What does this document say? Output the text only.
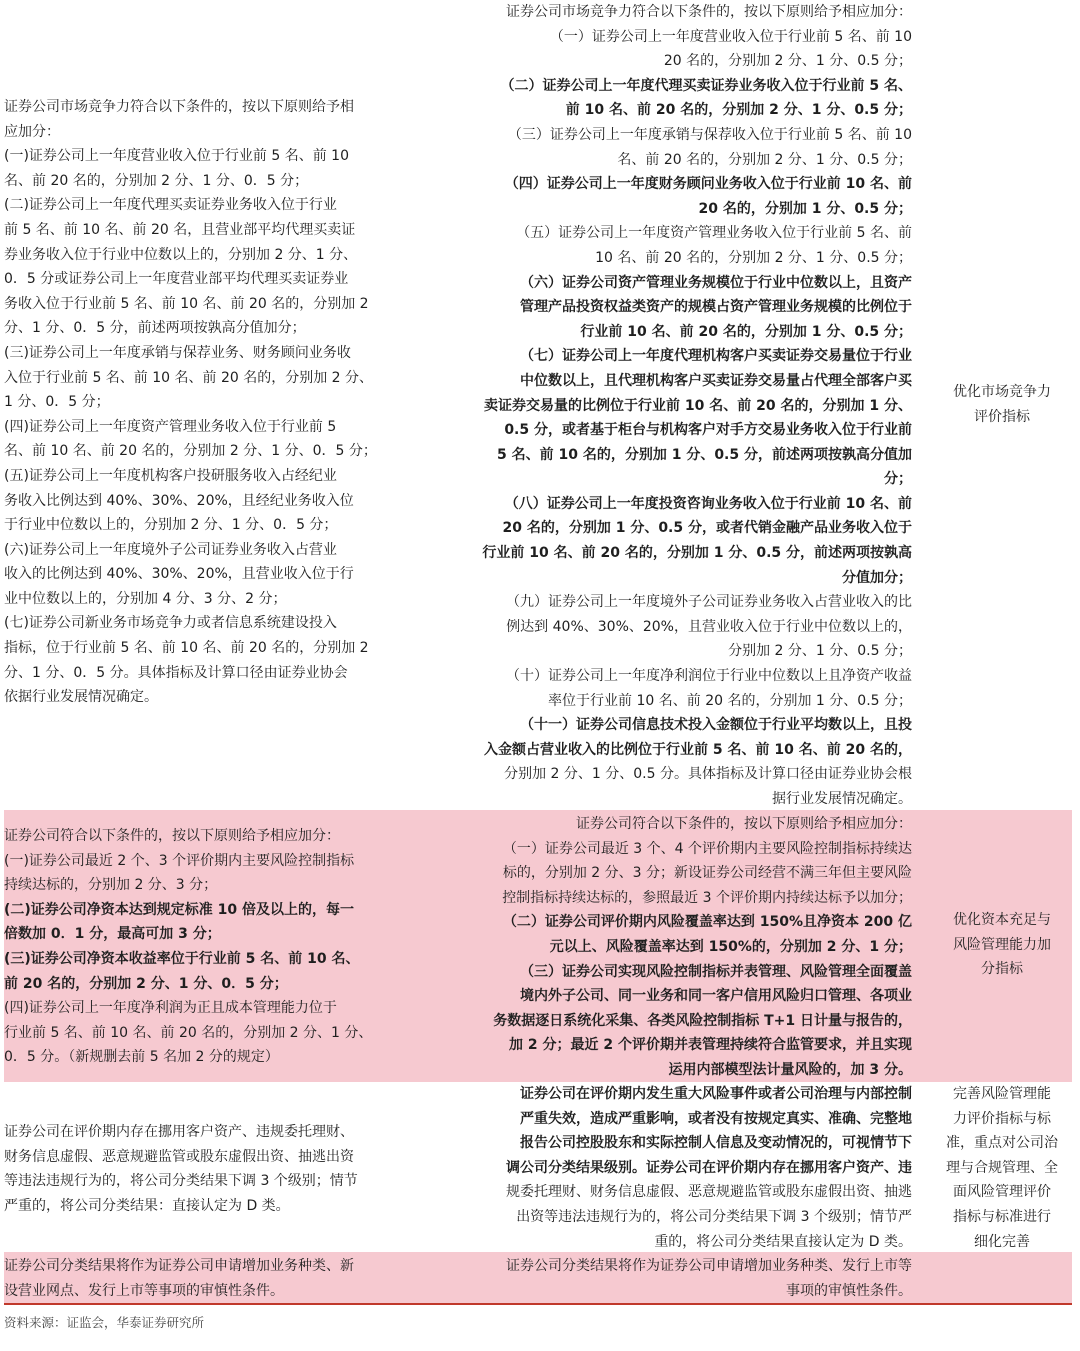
证券公司市场竞争力符合以下条件的，按以下原则给予相
应加分：
(一)证券公司上一年度营业收入位于行业前 5 名、前 10
名、前 20 名的，分别加 2 分、1 分、0．5 分；
(二)证券公司上一年度代理买卖证券业务收入位于行业
前 5 名、前 10 名、前 20 名，且营业部平均代理买卖证
券业务收入位于行业中位数以上的，分别加 2 分、1 分、
0．5 分或证券公司上一年度营业部平均代理买卖证券业
务收入位于行业前 5 名、前 10 名、前 20 名的，分别加 2
分、1 分、0．5 分，前述两项按孰高分值加分；
(三)证券公司上一年度承销与保荐业务、财务顾问业务收
入位于行业前 5 名、前 10 名、前 20 名的，分别加 2 分、
1 分、0．5 分；
(四)证券公司上一年度资产管理业务收入位于行业前 5
名、前 10 名、前 20 名的，分别加 2 分、1 分、0．5 分；
(五)证券公司上一年度机构客户投研服务收入占经纪业
务收入比例达到 40%、30%、20%，且经纪业务收入位
于行业中位数以上的，分别加 2 分、1 分、0．5 分；
(六)证券公司上一年度境外子公司证券业务收入占营业
收入的比例达到 40%、30%、20%，且营业收入位于行
业中位数以上的，分别加 4 分、3 分、2 分；
(七)证券公司新业务市场竞争力或者信息系统建设投入
指标，位于行业前 5 名、前 10 名、前 20 名的，分别加 2
分、1 分、0．5 分。具体指标及计算口径由证券业协会
依据行业发展情况确定。
证券公司市场竞争力符合以下条件的，按以下原则给予相应加分：
（一）证券公司上一年度营业收入位于行业前 5 名、前 10
20 名的，分别加 2 分、1 分、0.5 分；
（二）证券公司上一年度代理买卖证券业务收入位于行业前 5 名、
前 10 名、前 20 名的，分别加 2 分、1 分、0.5 分；
（三）证券公司上一年度承销与保荐收入位于行业前 5 名、前 10
名、前 20 名的，分别加 2 分、1 分、0.5 分；
（四）证券公司上一年度财务顾问业务收入位于行业前 10 名、前
20 名的，分别加 1 分、0.5 分；
（五）证券公司上一年度资产管理业务收入位于行业前 5 名、前
10 名、前 20 名的，分别加 2 分、1 分、0.5 分；
（六）证券公司资产管理业务规模位于行业中位数以上，且资产
管理产品投资权益类资产的规模占资产管理业务规模的比例位于
行业前 10 名、前 20 名的，分别加 1 分、0.5 分；
（七）证券公司上一年度代理机构客户买卖证券交易量位于行业
中位数以上，且代理机构客户买卖证券交易量占代理全部客户买
卖证券交易量的比例位于行业前 10 名、前 20 名的，分别加 1 分、
0.5 分，或者基于柜台与机构客户对手方交易业务收入位于行业前
5 名、前 10 名的，分别加 1 分、0.5 分，前述两项按孰高分值加
分；
（八）证券公司上一年度投资咨询业务收入位于行业前 10 名、前
20 名的，分别加 1 分、0.5 分，或者代销金融产品业务收入位于
行业前 10 名、前 20 名的，分别加 1 分、0.5 分，前述两项按孰高
分值加分；
（九）证券公司上一年度境外子公司证券业务收入占营业收入的比
例达到 40%、30%、20%，且营业收入位于行业中位数以上的，
分别加 2 分、1 分、0.5 分；
（十）证券公司上一年度净利润位于行业中位数以上且净资产收益
率位于行业前 10 名、前 20 名的，分别加 1 分、0.5 分；
（十一）证券公司信息技术投入金额位于行业平均数以上，且投
入金额占营业收入的比例位于行业前 5 名、前 10 名、前 20 名的，
分别加 2 分、1 分、0.5 分。具体指标及计算口径由证券业协会根
据行业发展情况确定。
优化市场竞争力
评价指标
证券公司符合以下条件的，按以下原则给予相应加分：
(一)证券公司最近 2 个、3 个评价期内主要风险控制指标
持续达标的，分别加 2 分、3 分；
(二)证券公司净资本达到规定标准 10 倍及以上的，每一
倍数加 0．1 分，最高可加 3 分；
(三)证券公司净资本收益率位于行业前 5 名、前 10 名、
前 20 名的，分别加 2 分、1 分、0．5 分；
(四)证券公司上一年度净利润为正且成本管理能力位于
行业前 5 名、前 10 名、前 20 名的，分别加 2 分、1 分、
0．5 分。（新规删去前 5 名加 2 分的规定）
证券公司符合以下条件的，按以下原则给予相应加分：
（一）证券公司最近 3 个、4 个评价期内主要风险控制指标持续达
标的，分别加 2 分、3 分；新设证券公司经营不满三年但主要风险
控制指标持续达标的，参照最近 3 个评价期内持续达标予以加分；
（二）证券公司评价期内风险覆盖率达到 150%且净资本 200 亿
元以上、风险覆盖率达到 150%的，分别加 2 分、1 分；
（三）证券公司实现风险控制指标并表管理、风险管理全面覆盖
境内外子公司、同一业务和同一客户信用风险归口管理、各项业
务数据逐日系统化采集、各类风险控制指标 T+1 日计量与报告的，
加 2 分；最近 2 个评价期并表管理持续符合监管要求，并且实现
运用内部模型法计量风险的，加 3 分。
优化资本充足与
风险管理能力加
分指标
证券公司在评价期内存在挪用客户资产、违规委托理财、
财务信息虚假、恶意规避监管或股东虚假出资、抽逃出资
等违法违规行为的，将公司分类结果下调 3 个级别；情节
严重的，将公司分类结果：直接认定为 D 类。
证券公司在评价期内发生重大风险事件或者公司治理与内部控制
严重失效，造成严重影响，或者没有按规定真实、准确、完整地
报告公司控股股东和实际控制人信息及变动情况的，可视情节下
调公司分类结果级别。证券公司在评价期内存在挪用客户资产、违
规委托理财、财务信息虚假、恶意规避监管或股东虚假出资、抽逃
出资等违法违规行为的，将公司分类结果下调 3 个级别；情节严
重的，将公司分类结果直接认定为 D 类。
完善风险管理能
力评价指标与标
准，重点对公司治
理与合规管理、全
面风险管理评价
指标与标准进行
细化完善
证券公司分类结果将作为证券公司申请增加业务种类、新
设营业网点、发行上市等事项的审慎性条件。
证券公司分类结果将作为证券公司申请增加业务种类、发行上市等
事项的审慎性条件。
资料来源：证监会，华泰证券研究所
